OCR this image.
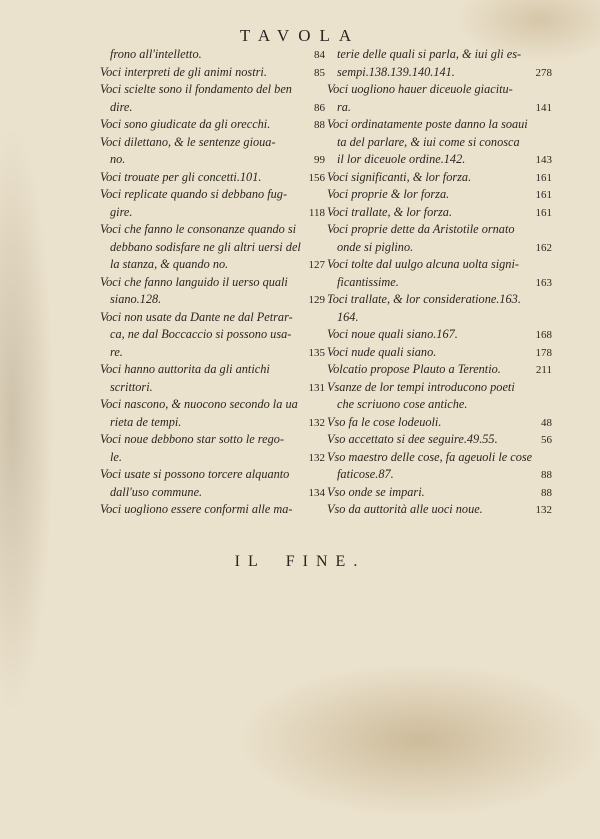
TAVOLA
frono all'intelletto.	84
Voci interpreti de gli animi nostri.	85
Voci scielte sono il fondamento del ben
dire.	86
Voci sono giudicate da gli orecchi.	88
Voci dilettano, & le sentenze gioua-
no.	99
Voci trouate per gli concetti.101.	156
Voci replicate quando si debbano fug-
gire.	118
Voci che fanno le consonanze quando si
debbano sodisfare ne gli altri uersi del
la stanza, & quando no.	127
Voci che fanno languido il uerso quali
siano.128.	129
Voci non usate da Dante ne dal Petrar-
ca, ne dal Boccaccio si possono usa-
re.	135
Voci hanno auttorita da gli antichi
scrittori.	131
Voci nascono, & nuocono secondo la ua
rieta de tempi.	132
Voci noue debbono star sotto le rego-
le.	132
Voci usate si possono torcere alquanto
dall'uso commune.	134
Voci uogliono essere conformi alle ma-
terie delle quali si parla, & iui gli es-
sempi.138.139.140.141.	278
Voci uogliono hauer diceuole giacitu-
ra.	141
Voci ordinatamente poste danno la soaui
ta del parlare, & iui come si conosca
il lor diceuole ordine.142.	143
Voci significanti, & lor forza.	161
Voci proprie & lor forza.	161
Voci trallate, & lor forza.	161
Voci proprie dette da Aristotile ornato
onde si piglino.	162
Voci tolte dal uulgo alcuna uolta signi-
ficantissime.	163
Toci trallate, & lor consideratione.163.
164.
Voci noue quali siano.167.	168
Voci nude quali siano.	178
Volcatio propose Plauto a Terentio.	211
Vsanze de lor tempi introducono poeti
che scriuono cose antiche.
Vso fa le cose lodeuoli.	48
Vso accettato si dee seguire.49.55.	56
Vso maestro delle cose, fa ageuoli le cose
faticose.87.	88
Vso onde se impari.	88
Vso da auttorità alle uoci noue.	132

IL FINE.
